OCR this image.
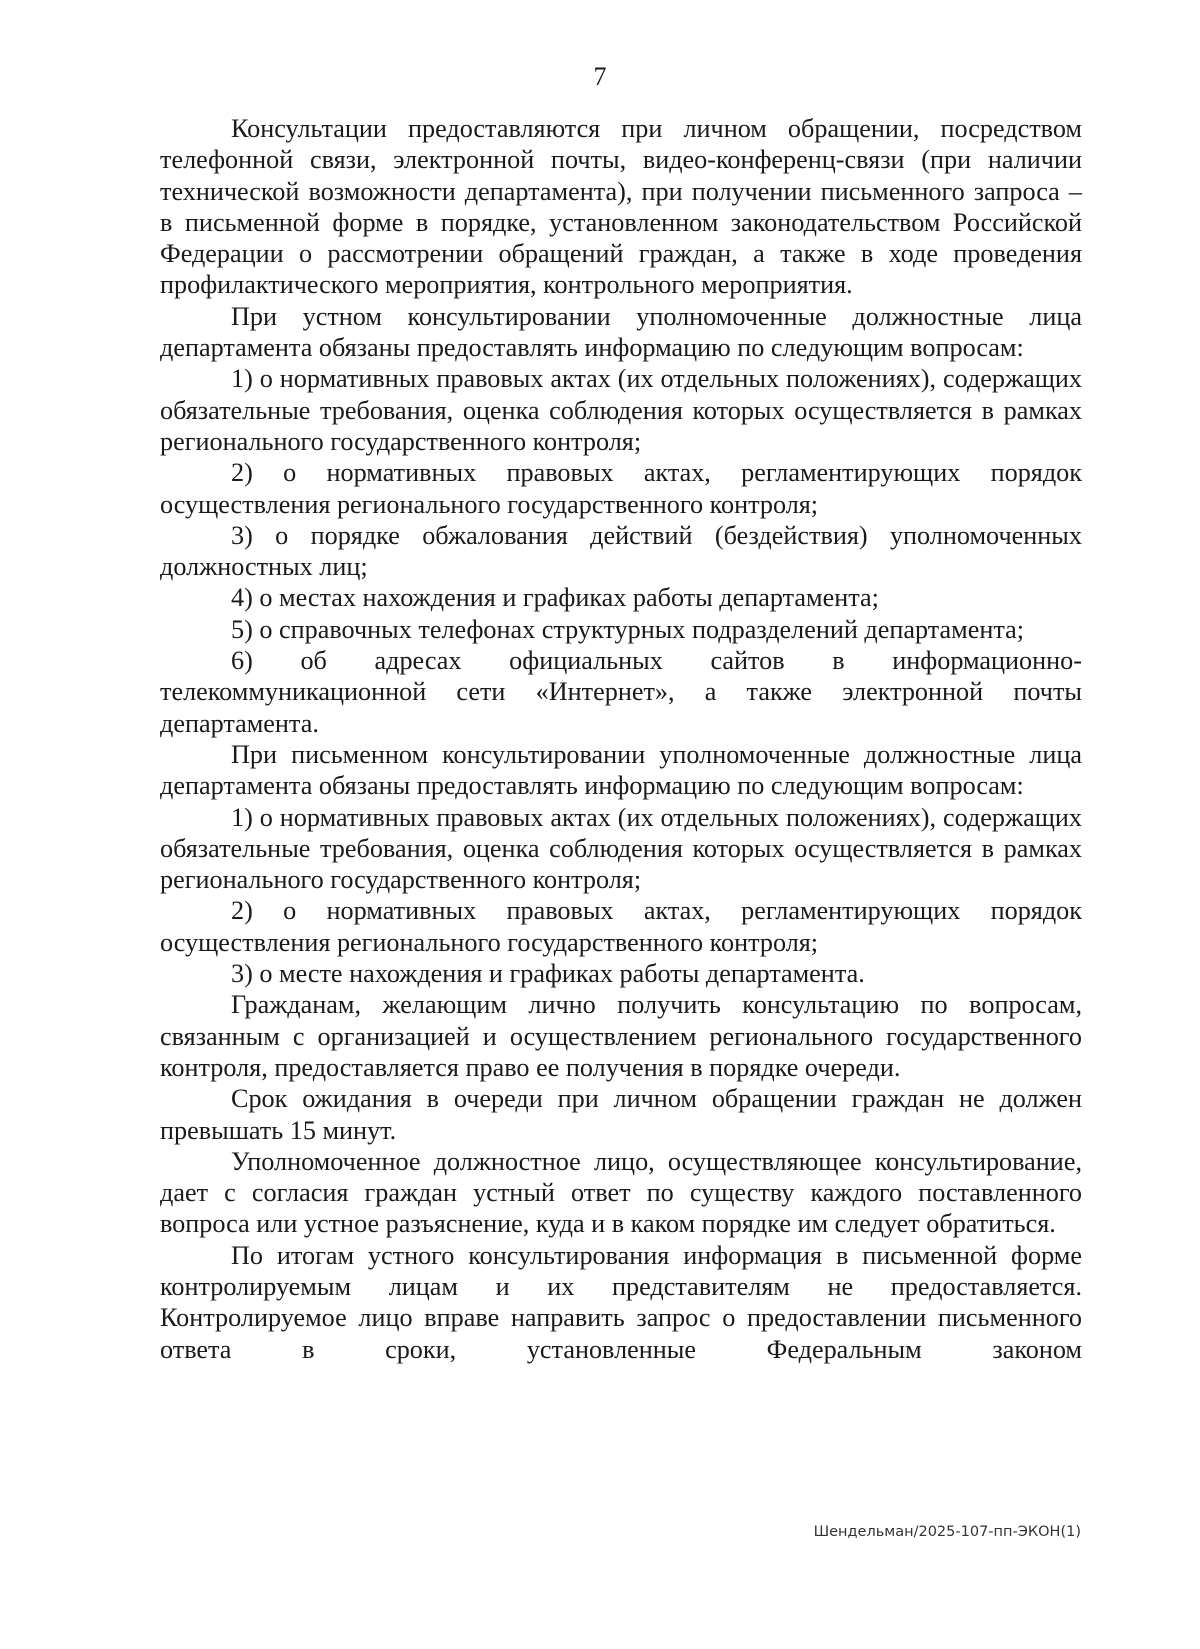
7

Консультации предоставляются при личном обращении, посредством телефонной связи, электронной почты, видео-конференц-связи (при наличии технической возможности департамента), при получении письменного запроса – в письменной форме в порядке, установленном законодательством Российской Федерации о рассмотрении обращений граждан, а также в ходе проведения профилактического мероприятия, контрольного мероприятия.

При устном консультировании уполномоченные должностные лица департамента обязаны предоставлять информацию по следующим вопросам:

1) о нормативных правовых актах (их отдельных положениях), содержащих обязательные требования, оценка соблюдения которых осуществляется в рамках регионального государственного контроля;

2) о нормативных правовых актах, регламентирующих порядок осуществления регионального государственного контроля;

3) о порядке обжалования действий (бездействия) уполномоченных должностных лиц;

4) о местах нахождения и графиках работы департамента;

5) о справочных телефонах структурных подразделений департамента;

6) об адресах официальных сайтов в информационно-телекоммуникационной сети «Интернет», а также электронной почты департамента.

При письменном консультировании уполномоченные должностные лица департамента обязаны предоставлять информацию по следующим вопросам:

1) о нормативных правовых актах (их отдельных положениях), содержащих обязательные требования, оценка соблюдения которых осуществляется в рамках регионального государственного контроля;

2) о нормативных правовых актах, регламентирующих порядок осуществления регионального государственного контроля;

3) о месте нахождения и графиках работы департамента.

Гражданам, желающим лично получить консультацию по вопросам, связанным с организацией и осуществлением регионального государственного контроля, предоставляется право ее получения в порядке очереди.

Срок ожидания в очереди при личном обращении граждан не должен превышать 15 минут.

Уполномоченное должностное лицо, осуществляющее консультирование, дает с согласия граждан устный ответ по существу каждого поставленного вопроса или устное разъяснение, куда и в каком порядке им следует обратиться.

По итогам устного консультирования информация в письменной форме контролируемым лицам и их представителям не предоставляется. Контролируемое лицо вправе направить запрос о предоставлении письменного ответа в сроки, установленные Федеральным законом

Шендельман/2025-107-пп-ЭКОН(1)
